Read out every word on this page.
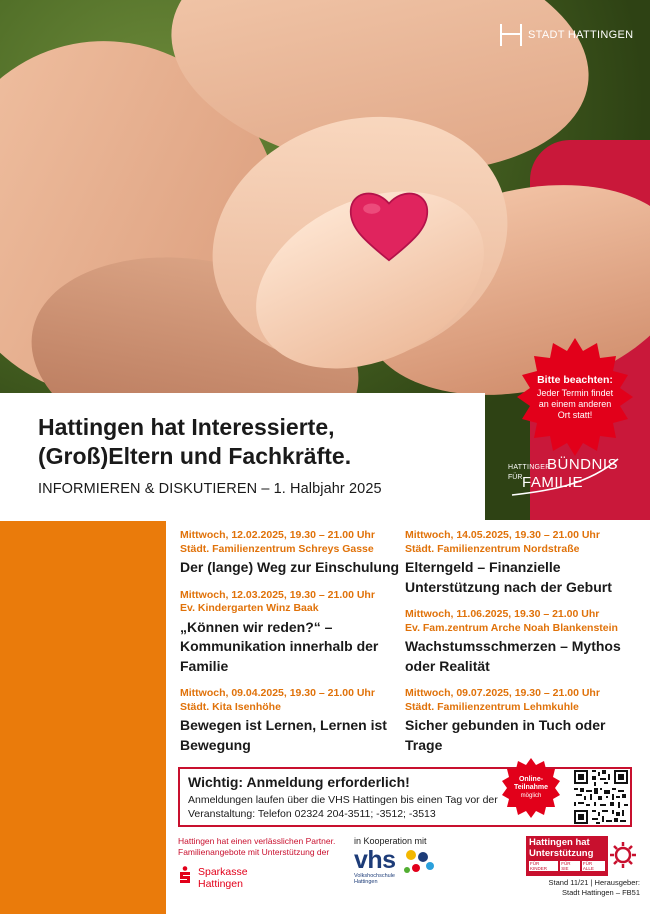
STADT HATTINGEN
Bitte beachten:
Jeder Termin findet an einem anderen Ort statt!
Hattingen hat Interessierte,
(Groß)Eltern und Fachkräfte.
INFORMIEREN & DISKUTIEREN – 1. Halbjahr 2025
HATTINGER
BÜNDNIS
FÜR FAMILIE
Mittwoch, 12.02.2025, 19.30 – 21.00 Uhr
Städt. Familienzentrum Schreys Gasse
Der (lange) Weg zur Einschulung
Mittwoch, 12.03.2025, 19.30 – 21.00 Uhr
Ev. Kindergarten Winz Baak
„Können wir reden?“ – Kommunikation innerhalb der Familie
Mittwoch, 09.04.2025, 19.30 – 21.00 Uhr
Städt. Kita Isenhöhe
Bewegen ist Lernen, Lernen ist Bewegung
Mittwoch, 14.05.2025, 19.30 – 21.00 Uhr
Städt. Familienzentrum Nordstraße
Elterngeld – Finanzielle Unterstützung nach der Geburt
Mittwoch, 11.06.2025, 19.30 – 21.00 Uhr
Ev. Fam.zentrum Arche Noah Blankenstein
Wachstumsschmerzen – Mythos oder Realität
Mittwoch, 09.07.2025, 19.30 – 21.00 Uhr
Städt. Familienzentrum Lehmkuhle
Sicher gebunden in Tuch oder Trage
Wichtig: Anmeldung erforderlich!
Anmeldungen laufen über die VHS Hattingen bis einen Tag vor der Veranstaltung: Telefon 02324 204-3511; -3512; -3513
Online-
Teilnahme
möglich
Hattingen hat einen verlässlichen Partner. Familienangebote mit Unterstützung der
Sparkasse
Hattingen
in Kooperation mit
vhs
Volkshochschule
Hattingen
Hattingen hat
Unterstützung
FÜR KINDER
FÜR SIE
FÜR ALLE
Stand 11/21 | Herausgeber:
Stadt Hattingen – FB51
